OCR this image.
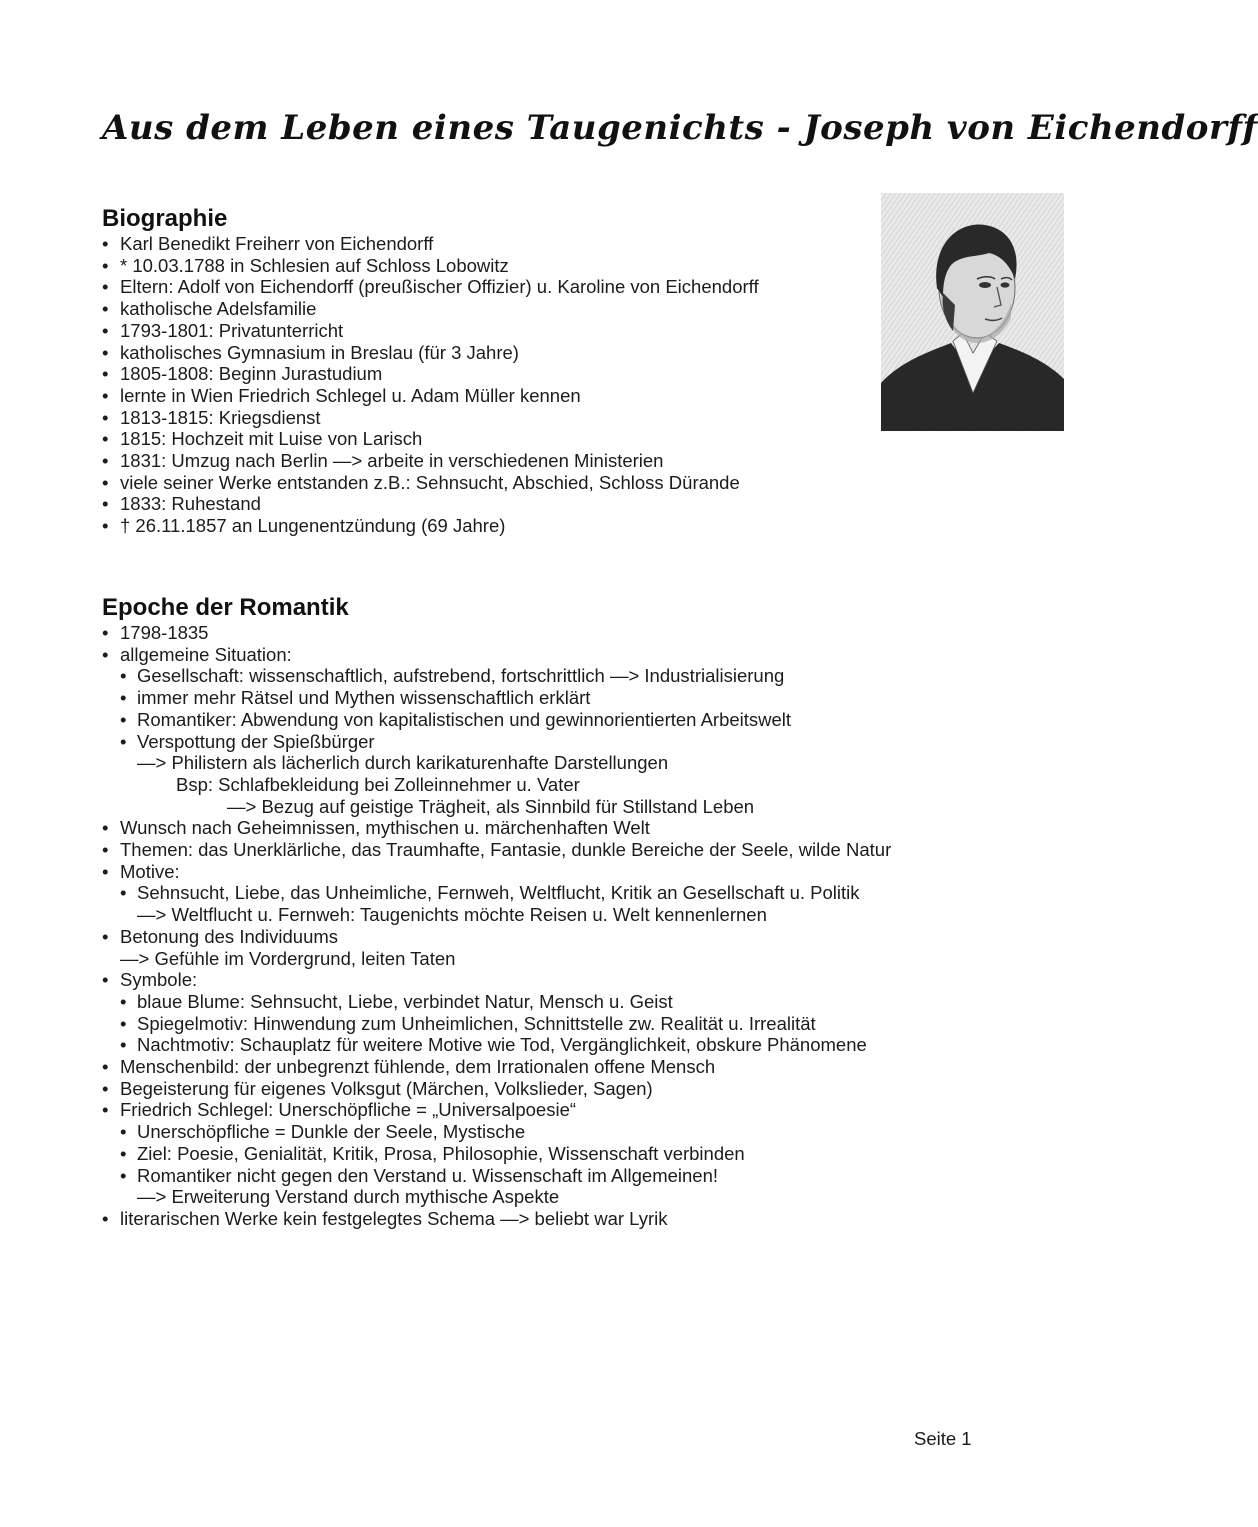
Aus dem Leben eines Taugenichts - Joseph von Eichendorff
Biographie
• Karl Benedikt Freiherr von Eichendorff
• * 10.03.1788 in Schlesien auf Schloss Lobowitz
• Eltern: Adolf von Eichendorff (preußischer Offizier) u. Karoline von Eichendorff
• katholische Adelsfamilie
• 1793-1801: Privatunterricht
• katholisches Gymnasium in Breslau (für 3 Jahre)
• 1805-1808: Beginn Jurastudium
• lernte in Wien Friedrich Schlegel u. Adam Müller kennen
• 1813-1815: Kriegsdienst
• 1815: Hochzeit mit Luise von Larisch
• 1831: Umzug nach Berlin —> arbeite in verschiedenen Ministerien
• viele seiner Werke entstanden z.B.: Sehnsucht, Abschied, Schloss Dürande
• 1833: Ruhestand
• † 26.11.1857 an Lungenentzündung (69 Jahre)
Epoche der Romantik
• 1798-1835
• allgemeine Situation:
• Gesellschaft: wissenschaftlich, aufstrebend, fortschrittlich —> Industrialisierung
• immer mehr Rätsel und Mythen wissenschaftlich erklärt
• Romantiker: Abwendung von kapitalistischen und gewinnorientierten Arbeitswelt
• Verspottung der Spießbürger
—> Philistern als lächerlich durch karikaturenhafte Darstellungen
Bsp: Schlafbekleidung bei Zolleinnehmer u. Vater
—> Bezug auf geistige Trägheit, als Sinnbild für Stillstand Leben
• Wunsch nach Geheimnissen, mythischen u. märchenhaften Welt
• Themen: das Unerklärliche, das Traumhafte, Fantasie, dunkle Bereiche der Seele, wilde Natur
• Motive:
• Sehnsucht, Liebe, das Unheimliche, Fernweh, Weltflucht, Kritik an Gesellschaft u. Politik
—> Weltflucht u. Fernweh: Taugenichts möchte Reisen u. Welt kennenlernen
• Betonung des Individuums
—> Gefühle im Vordergrund, leiten Taten
• Symbole:
• blaue Blume: Sehnsucht, Liebe, verbindet Natur, Mensch u. Geist
• Spiegelmotiv: Hinwendung zum Unheimlichen, Schnittstelle zw. Realität u. Irrealität
• Nachtmotiv: Schauplatz für weitere Motive wie Tod, Vergänglichkeit, obskure Phänomene
• Menschenbild: der unbegrenzt fühlende, dem Irrationalen offene Mensch
• Begeisterung für eigenes Volksgut (Märchen, Volkslieder, Sagen)
• Friedrich Schlegel: Unerschöpfliche = „Universalpoesie“
• Unerschöpfliche = Dunkle der Seele, Mystische
• Ziel: Poesie, Genialität, Kritik, Prosa, Philosophie, Wissenschaft verbinden
• Romantiker nicht gegen den Verstand u. Wissenschaft im Allgemeinen!
—> Erweiterung Verstand durch mythische Aspekte
• literarischen Werke kein festgelegtes Schema —> beliebt war Lyrik
Seite 1
